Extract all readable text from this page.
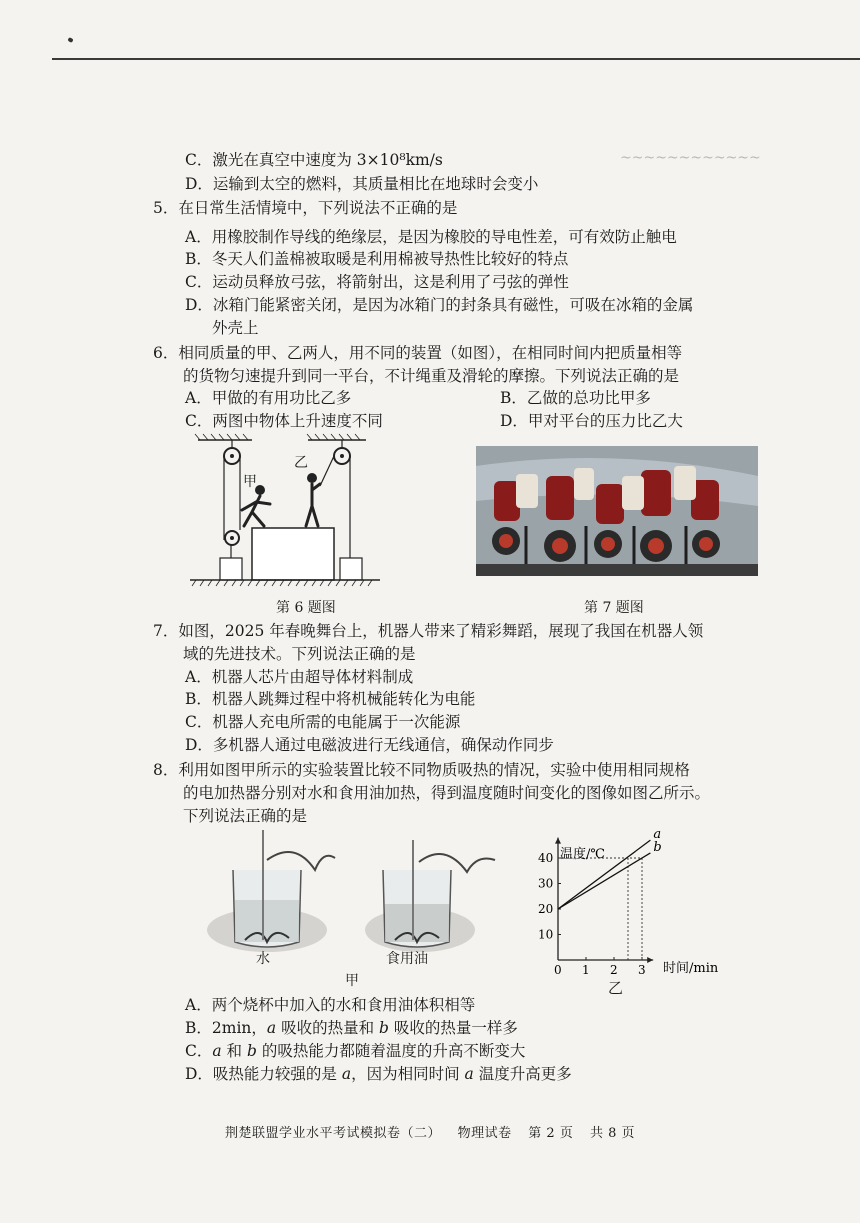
~~~~~~~~~~~~
C．激光在真空中速度为 3×10⁸km/s
D．运输到太空的燃料，其质量相比在地球时会变小
5．在日常生活情境中，下列说法不正确的是
A．用橡胶制作导线的绝缘层，是因为橡胶的导电性差，可有效防止触电
B．冬天人们盖棉被取暖是利用棉被导热性比较好的特点
C．运动员释放弓弦，将箭射出，这是利用了弓弦的弹性
D．冰箱门能紧密关闭，是因为冰箱门的封条具有磁性，可吸在冰箱的金属
外壳上
6．相同质量的甲、乙两人，用不同的装置（如图），在相同时间内把质量相等
的货物匀速提升到同一平台，不计绳重及滑轮的摩擦。下列说法正确的是
A．甲做的有用功比乙多	B．乙做的总功比甲多
C．两图中物体上升速度不同	D．甲对平台的压力比乙大
甲
乙
第 6 题图	第 7 题图
7．如图，2025 年春晚舞台上，机器人带来了精彩舞蹈，展现了我国在机器人领
域的先进技术。下列说法正确的是
A．机器人芯片由超导体材料制成
B．机器人跳舞过程中将机械能转化为电能
C．机器人充电所需的电能属于一次能源
D．多机器人通过电磁波进行无线通信，确保动作同步
8．利用如图甲所示的实验装置比较不同物质吸热的情况，实验中使用相同规格
的电加热器分别对水和食用油加热，得到温度随时间变化的图像如图乙所示。
下列说法正确的是
水	食用油
甲
0 1 2 3
10
20
30
40
a
b
温度/℃
时间/min
乙
A．两个烧杯中加入的水和食用油体积相等
B．2min，a 吸收的热量和 b 吸收的热量一样多
C．a 和 b 的吸热能力都随着温度的升高不断变大
D．吸热能力较强的是 a，因为相同时间 a 温度升高更多
荆楚联盟学业水平考试模拟卷（二） 物理试卷 第 2 页 共 8 页
